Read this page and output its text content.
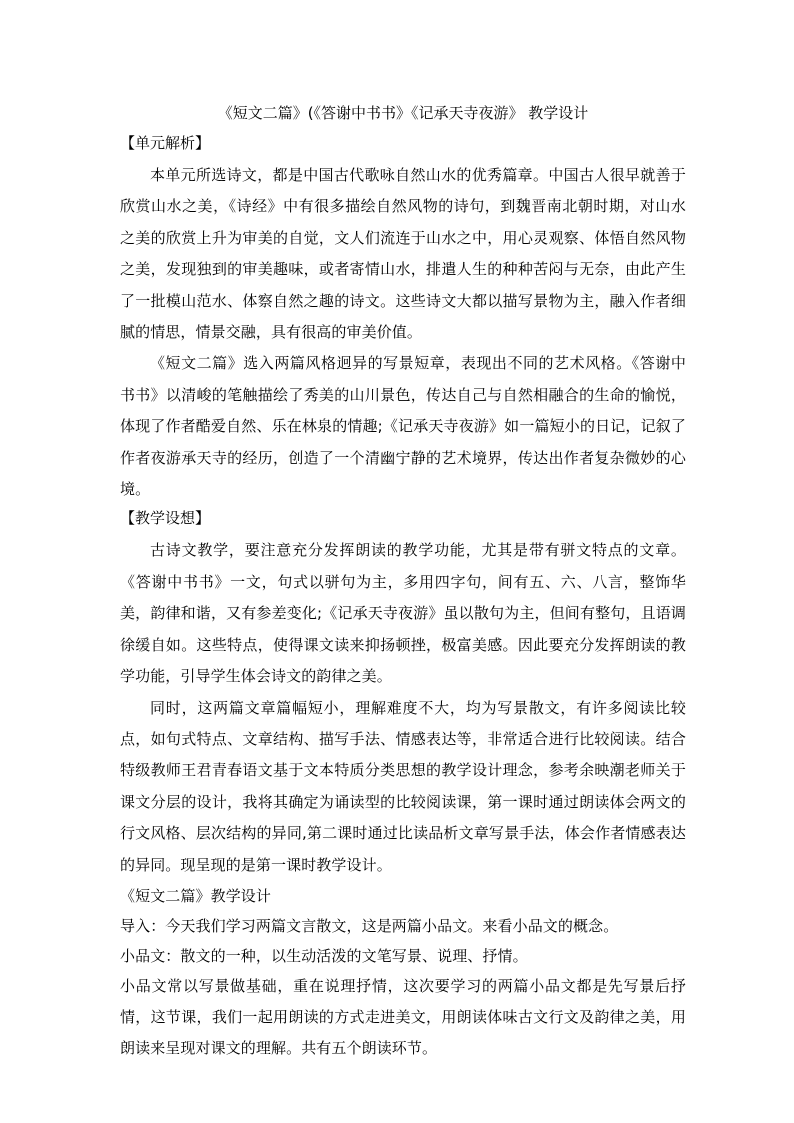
《短文二篇》(《答谢中书书》《记承天寺夜游》 教学设计
【单元解析】

本单元所选诗文，都是中国古代歌咏自然山水的优秀篇章。中国古人很早就善于欣赏山水之美，《诗经》中有很多描绘自然风物的诗句，到魏晋南北朝时期，对山水之美的欣赏上升为审美的自觉，文人们流连于山水之中，用心灵观察、体悟自然风物之美，发现独到的审美趣味，或者寄情山水，排遣人生的种种苦闷与无奈，由此产生了一批模山范水、体察自然之趣的诗文。这些诗文大都以描写景物为主，融入作者细腻的情思，情景交融，具有很高的审美价值。

《短文二篇》选入两篇风格迥异的写景短章，表现出不同的艺术风格。《答谢中书书》以清峻的笔触描绘了秀美的山川景色，传达自己与自然相融合的生命的愉悦，体现了作者酷爱自然、乐在林泉的情趣;《记承天寺夜游》如一篇短小的日记，记叙了作者夜游承天寺的经历，创造了一个清幽宁静的艺术境界，传达出作者复杂微妙的心境。

【教学设想】

古诗文教学，要注意充分发挥朗读的教学功能，尤其是带有骈文特点的文章。《答谢中书书》一文，句式以骈句为主，多用四字句，间有五、六、八言，整饰华美，韵律和谐，又有参差变化;《记承天寺夜游》虽以散句为主，但间有整句，且语调徐缓自如。这些特点，使得课文读来抑扬顿挫，极富美感。因此要充分发挥朗读的教学功能，引导学生体会诗文的韵律之美。

同时，这两篇文章篇幅短小，理解难度不大，均为写景散文，有许多阅读比较点，如句式特点、文章结构、描写手法、情感表达等，非常适合进行比较阅读。结合特级教师王君青春语文基于文本特质分类思想的教学设计理念，参考余映潮老师关于课文分层的设计，我将其确定为诵读型的比较阅读课，第一课时通过朗读体会两文的行文风格、层次结构的异同,第二课时通过比读品析文章写景手法，体会作者情感表达的异同。现呈现的是第一课时教学设计。

《短文二篇》教学设计

导入：今天我们学习两篇文言散文，这是两篇小品文。来看小品文的概念。

小品文：散文的一种，以生动活泼的文笔写景、说理、抒情。

小品文常以写景做基础，重在说理抒情，这次要学习的两篇小品文都是先写景后抒情，这节课，我们一起用朗读的方式走进美文，用朗读体味古文行文及韵律之美，用朗读来呈现对课文的理解。共有五个朗读环节。
